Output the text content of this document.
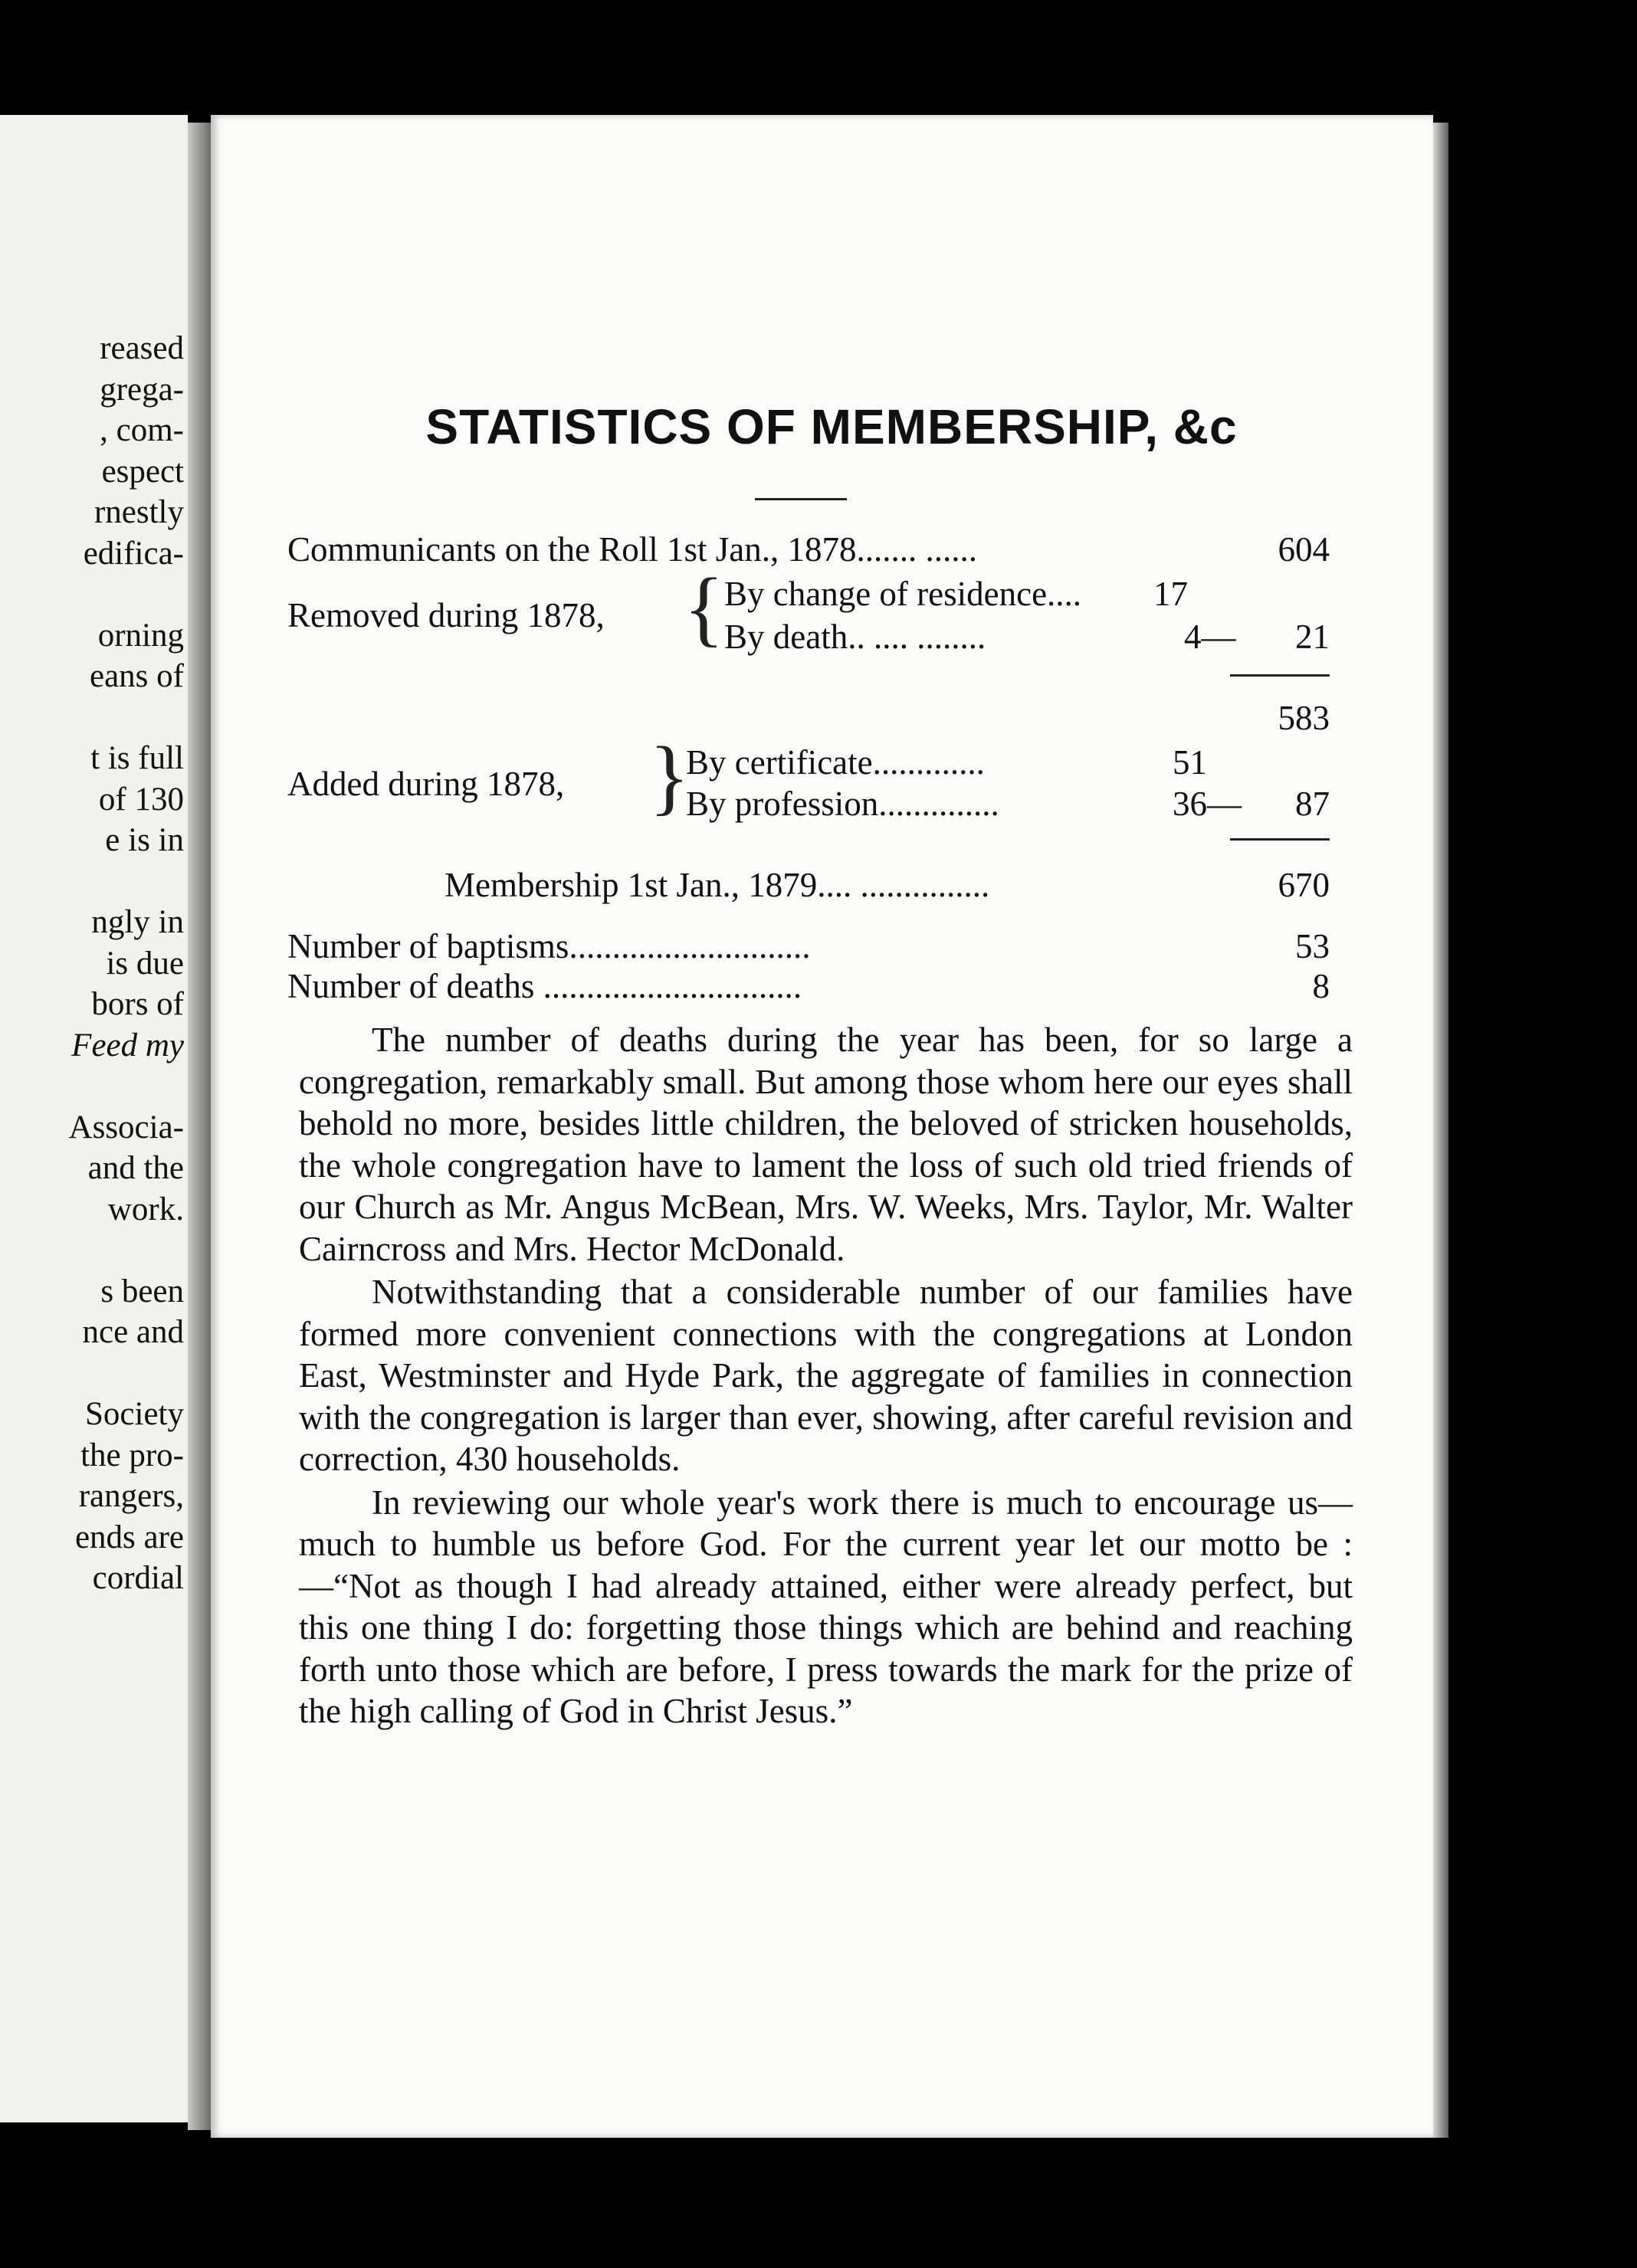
reased
grega-
, com-
espect
rnestly
edifica-
orning
eans of
t is full
of 130
e is in
ngly in
is due
bors of
Feed my
Associa-
and the
work.
s been
nce and
Society
the pro-
rangers,
ends are
cordial
STATISTICS OF MEMBERSHIP, &c
Communicants on the Roll 1st Jan., 1878....... ......	604
Removed during 1878, { By change of residence.... 17
By death.. .... ........	4—	21
583
Added during 1878, }
By certificate.............	51
By profession..............	36—	87
Membership 1st Jan., 1879.... ...............	670
Number of baptisms............................	53
Number of deaths ..............................	8

The number of deaths during the year has been, for so large a congregation, remarkably small. But among those whom here our eyes shall behold no more, besides little children, the beloved of stricken households, the whole congregation have to lament the loss of such old tried friends of our Church as Mr. Angus McBean, Mrs. W. Weeks, Mrs. Taylor, Mr. Walter Cairncross and Mrs. Hector McDonald.

Notwithstanding that a considerable number of our families have formed more convenient connections with the congregations at London East, Westminster and Hyde Park, the aggregate of families in connection with the congregation is larger than ever, showing, after careful revision and correction, 430 households.

In reviewing our whole year's work there is much to encourage us—much to humble us before God. For the current year let our motto be :—“Not as though I had already attained, either were already perfect, but this one thing I do: forgetting those things which are behind and reaching forth unto those which are before, I press towards the mark for the prize of the high calling of God in Christ Jesus.”
